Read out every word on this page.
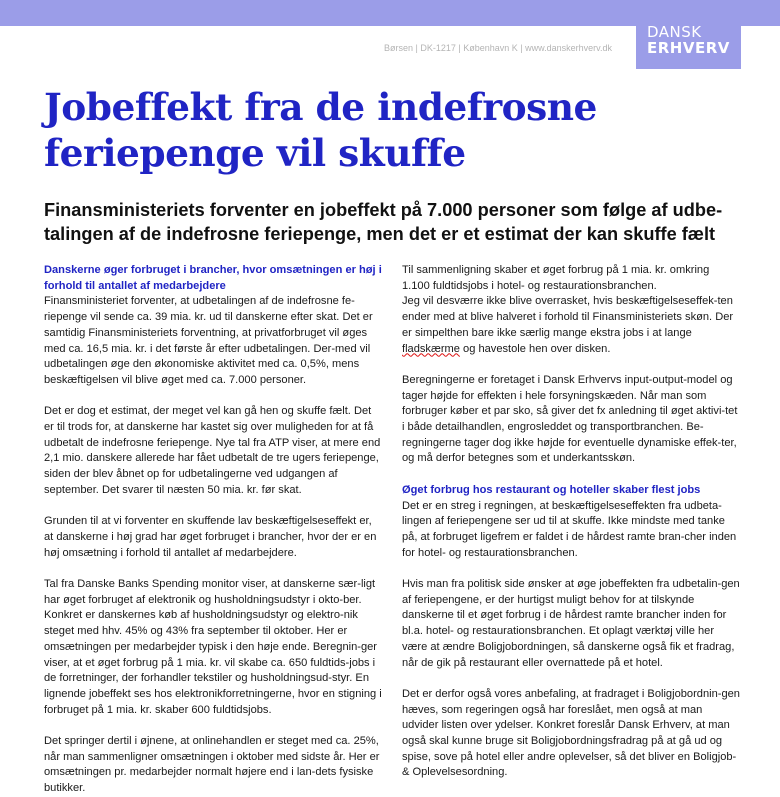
DANSK
ERHVERV
Børsen | DK-1217 | København K | www.danskerhverv.dk
Jobeffekt fra de indefrosne feriepenge vil skuffe
Finansministeriets forventer en jobeffekt på 7.000 personer som følge af udbe-talingen af de indefrosne feriepenge, men det er et estimat der kan skuffe fælt

Danskerne øger forbruget i brancher, hvor omsætningen er høj i forhold til antallet af medarbejdere

Finansministeriet forventer, at udbetalingen af de indefrosne fe-riepenge vil sende ca. 39 mia. kr. ud til danskerne efter skat. Det er samtidig Finansministeriets forventning, at privatforbruget vil øges med ca. 16,5 mia. kr. i det første år efter udbetalingen. Der-med vil udbetalingen øge den økonomiske aktivitet med ca. 0,5%, mens beskæftigelsen vil blive øget med ca. 7.000 personer.

Det er dog et estimat, der meget vel kan gå hen og skuffe fælt. Det er til trods for, at danskerne har kastet sig over muligheden for at få udbetalt de indefrosne feriepenge. Nye tal fra ATP viser, at mere end 2,1 mio. danskere allerede har fået udbetalt de tre ugers feriepenge, siden der blev åbnet op for udbetalingerne ved udgangen af september. Det svarer til næsten 50 mia. kr. før skat.

Grunden til at vi forventer en skuffende lav beskæftigelseseffekt er, at danskerne i høj grad har øget forbruget i brancher, hvor der er en høj omsætning i forhold til antallet af medarbejdere.

Tal fra Danske Banks Spending monitor viser, at danskerne sær-ligt har øget forbruget af elektronik og husholdningsudstyr i okto-ber. Konkret er danskernes køb af husholdningsudstyr og elektro-nik steget med hhv. 45% og 43% fra september til oktober. Her er omsætningen per medarbejder typisk i den høje ende. Beregnin-ger viser, at et øget forbrug på 1 mia. kr. vil skabe ca. 650 fuldtids-jobs i de forretninger, der forhandler tekstiler og husholdningsud-styr. En lignende jobeffekt ses hos elektronikforretningerne, hvor en stigning i forbruget på 1 mia. kr. skaber 600 fuldtidsjobs.

Det springer dertil i øjnene, at onlinehandlen er steget med ca. 25%, når man sammenligner omsætningen i oktober med sidste år. Her er omsætningen pr. medarbejder normalt højere end i lan-dets fysiske butikker.

Til sammenligning skaber et øget forbrug på 1 mia. kr. omkring 1.100 fuldtidsjobs i hotel- og restaurationsbranchen.

Jeg vil desværre ikke blive overrasket, hvis beskæftigelseseffek-ten ender med at blive halveret i forhold til Finansministeriets skøn. Der er simpelthen bare ikke særlig mange ekstra jobs i at lange fladskærme og havestole hen over disken.

Beregningerne er foretaget i Dansk Erhvervs input-output-model og tager højde for effekten i hele forsyningskæden. Når man som forbruger køber et par sko, så giver det fx anledning til øget aktivi-tet i både detailhandlen, engrosleddet og transportbranchen. Be-regningerne tager dog ikke højde for eventuelle dynamiske effek-ter, og må derfor betegnes som et underkantsskøn.

Øget forbrug hos restaurant og hoteller skaber flest jobs

Det er en streg i regningen, at beskæftigelseseffekten fra udbeta-lingen af feriepengene ser ud til at skuffe. Ikke mindste med tanke på, at forbruget ligefrem er faldet i de hårdest ramte bran-cher inden for hotel- og restaurationsbranchen.

Hvis man fra politisk side ønsker at øge jobeffekten fra udbetalin-gen af feriepengene, er der hurtigst muligt behov for at tilskynde danskerne til et øget forbrug i de hårdest ramte brancher inden for bl.a. hotel- og restaurationsbranchen. Et oplagt værktøj ville her være at ændre Boligjobordningen, så danskerne også fik et fradrag, når de gik på restaurant eller overnattede på et hotel.

Det er derfor også vores anbefaling, at fradraget i Boligjobordnin-gen hæves, som regeringen også har foreslået, men også at man udvider listen over ydelser. Konkret foreslår Dansk Erhverv, at man også skal kunne bruge sit Boligjobordningsfradrag på at gå ud og spise, sove på hotel eller andre oplevelser, så det bliver en Boligjob- & Oplevelsesordning.
